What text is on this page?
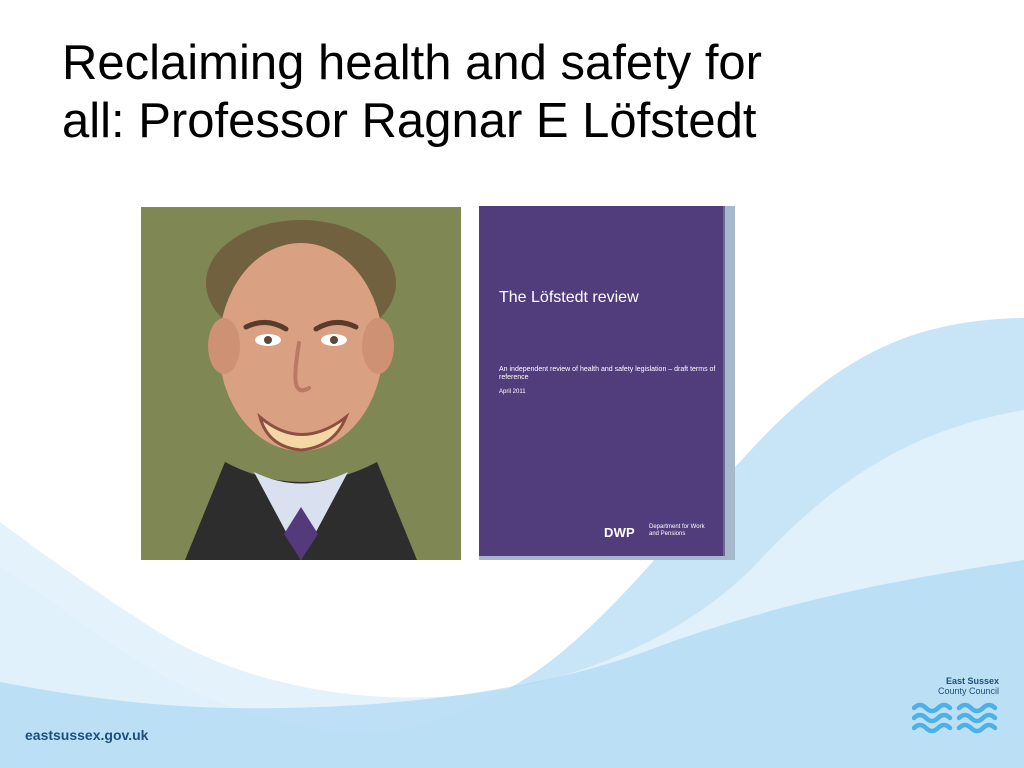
Reclaiming health and safety for
all: Professor Ragnar E Löfstedt
The Löfstedt review
An independent review of health and safety legislation – draft terms of reference
April 2011
DWP Department for Work and Pensions
eastsussex.gov.uk
East Sussex
County Council
